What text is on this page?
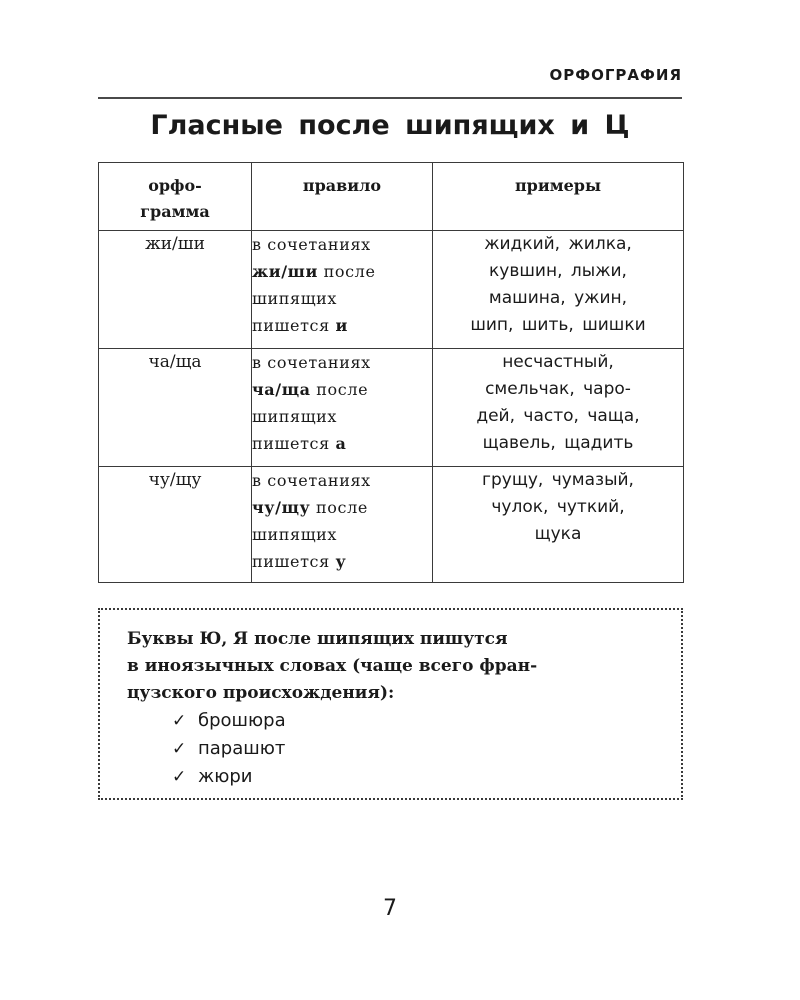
ОРФОГРАФИЯ
Гласные после шипящих и Ц
орфо-
грамма	правило	примеры
жи/ши	в сочетаниях
жи/ши после
шипящих
пишется и	жидкий, жилка,
кувшин, лыжи,
машина, ужин,
шип, шить, шишки

ча/ща	в сочетаниях
ча/ща после
шипящих
пишется а	несчастный,
смельчак, чаро-
дей, часто, чаща,
щавель, щадить

чу/щу	в сочетаниях
чу/щу после
шипящих
пишется у	грущу, чумазый,
чулок, чуткий,
щука

Буквы Ю, Я после шипящих пишутся
в иноязычных словах (чаще всего фран-
цузского происхождения):

✓ брошюра
✓ парашют
✓ жюри
7
